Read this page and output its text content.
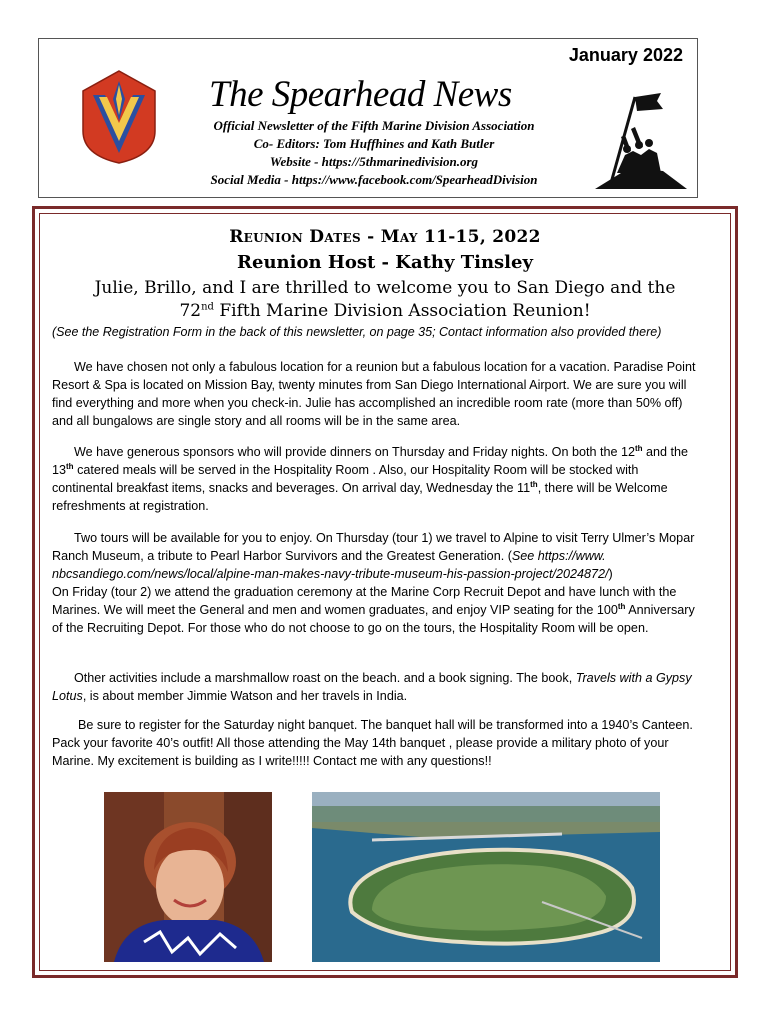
January 2022
The Spearhead News
Official Newsletter of the Fifth Marine Division Association
Co- Editors: Tom Huffhines and Kath Butler
Website - https://5thmarinedivision.org
Social Media - https://www.facebook.com/SpearheadDivision
Reunion Dates - May 11-15, 2022
Reunion Host - Kathy Tinsley
Julie, Brillo, and I are thrilled to welcome you to San Diego and the
72nd Fifth Marine Division Association Reunion!
(See the Registration Form in the back of this newsletter, on page 35; Contact information also provided there)

We have chosen not only a fabulous location for a reunion but a fabulous location for a vacation. Paradise Point Resort & Spa is located on Mission Bay, twenty minutes from San Diego International Airport. We are sure you will find everything and more when you check-in. Julie has accomplished an incredible room rate (more than 50% off) and all bungalows are single story and all rooms will be in the same area.

We have generous sponsors who will provide dinners on Thursday and Friday nights. On both the 12th and the 13th catered meals will be served in the Hospitality Room . Also, our Hospitality Room will be stocked with continental breakfast items, snacks and beverages. On arrival day, Wednesday the 11th, there will be Welcome refreshments at registration.

Two tours will be available for you to enjoy. On Thursday (tour 1) we travel to Alpine to visit Terry Ulmer’s Mopar Ranch Museum, a tribute to Pearl Harbor Survivors and the Greatest Generation. (See https://www. nbcsandiego.com/news/local/alpine-man-makes-navy-tribute-museum-his-passion-project/2024872/)
On Friday (tour 2) we attend the graduation ceremony at the Marine Corp Recruit Depot and have lunch with the Marines. We will meet the General and men and women graduates, and enjoy VIP seating for the 100th Anniversary of the Recruiting Depot. For those who do not choose to go on the tours, the Hospitality Room will be open.

Other activities include a marshmallow roast on the beach. and a book signing. The book, Travels with a Gypsy Lotus, is about member Jimmie Watson and her travels in India.

Be sure to register for the Saturday night banquet. The banquet hall will be transformed into a 1940’s Canteen. Pack your favorite 40’s outfit! All those attending the May 14th banquet , please provide a military photo of your Marine. My excitement is building as I write!!!!! Contact me with any questions!!
